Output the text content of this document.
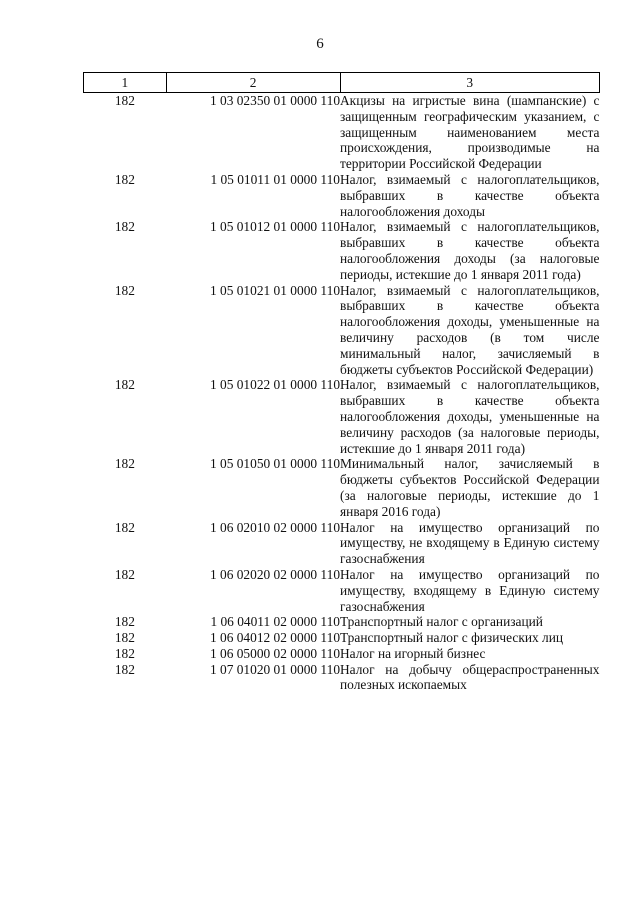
6
1	2	3
182	1 03 02350 01 0000 110	Акцизы на игристые вина (шампанские) с защищенным географическим указанием, с защищенным наименованием места происхождения, производимые на территории Российской Федерации
182	1 05 01011 01 0000 110	Налог, взимаемый с налогоплательщиков, выбравших в качестве объекта налогообложения доходы
182	1 05 01012 01 0000 110	Налог, взимаемый с налогоплательщиков, выбравших в качестве объекта налогообложения доходы (за налоговые периоды, истекшие до 1 января 2011 года)
182	1 05 01021 01 0000 110	Налог, взимаемый с налогоплательщиков, выбравших в качестве объекта налогообложения доходы, уменьшенные на величину расходов (в том числе минимальный налог, зачисляемый в бюджеты субъектов Российской Федерации)
182	1 05 01022 01 0000 110	Налог, взимаемый с налогоплательщиков, выбравших в качестве объекта налогообложения доходы, уменьшенные на величину расходов (за налоговые периоды, истекшие до 1 января 2011 года)
182	1 05 01050 01 0000 110	Минимальный налог, зачисляемый в бюджеты субъектов Российской Федерации (за налоговые периоды, истекшие до 1 января 2016 года)
182	1 06 02010 02 0000 110	Налог на имущество организаций по имуществу, не входящему в Единую систему газоснабжения
182	1 06 02020 02 0000 110	Налог на имущество организаций по имуществу, входящему в Единую систему газоснабжения
182	1 06 04011 02 0000 110	Транспортный налог с организаций
182	1 06 04012 02 0000 110	Транспортный налог с физических лиц
182	1 06 05000 02 0000 110	Налог на игорный бизнес
182	1 07 01020 01 0000 110	Налог на добычу общераспространенных полезных ископаемых
